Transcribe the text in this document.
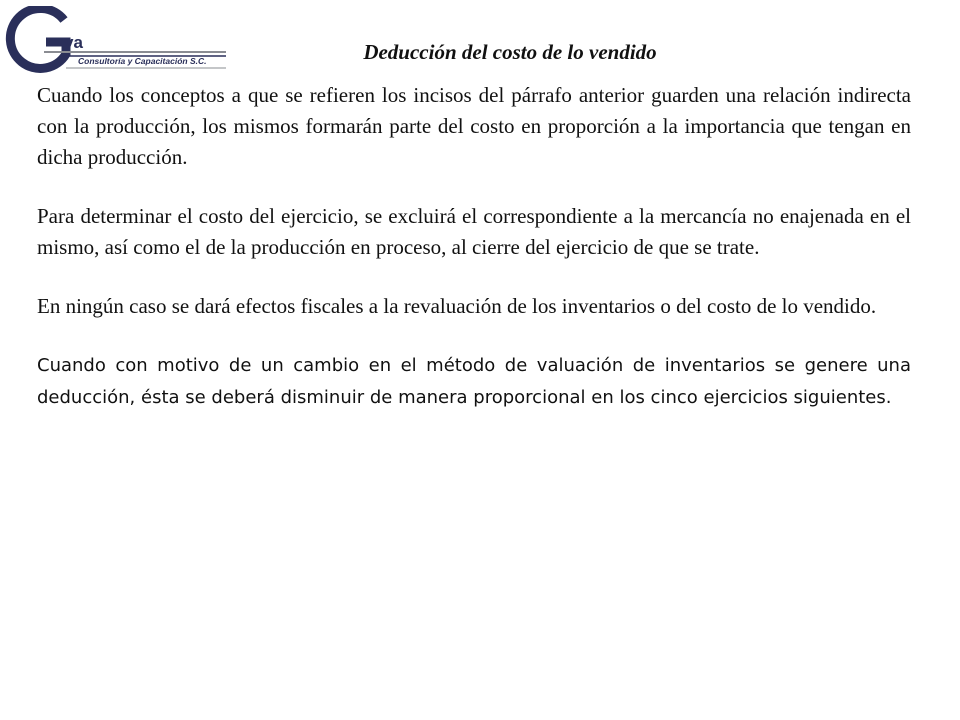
va
Consultoría y Capacitación S.C.	Deducción del costo de lo vendido

Cuando los conceptos a que se refieren los incisos del párrafo anterior guarden una relación indirecta con la producción, los mismos formarán parte del costo en proporción a la importancia que tengan en dicha producción.

Para determinar el costo del ejercicio, se excluirá el correspondiente a la mercancía no enajenada en el mismo, así como el de la producción en proceso, al cierre del ejercicio de que se trate.

En ningún caso se dará efectos fiscales a la revaluación de los inventarios o del costo de lo vendido.

Cuando con motivo de un cambio en el método de valuación de inventarios se genere una deducción, ésta se deberá disminuir de manera proporcional en los cinco ejercicios siguientes.
